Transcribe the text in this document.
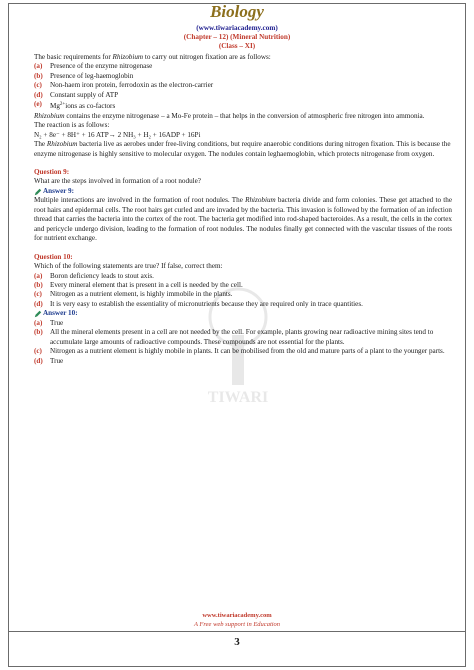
Biology
(www.tiwariacademy.com)
(Chapter – 12) (Mineral Nutrition)
(Class – XI)
TIWARI

The basic requirements for Rhizobium to carry out nitrogen fixation are as follows:

(a)	Presence of the enzyme nitrogenase
(b)	Presence of leg-haemoglobin
(c)	Non-haem iron protein, ferrodoxin as the electron-carrier
(d)	Constant supply of ATP
(e)	$Mg^{2+}ions$ as co-factors

Rhizobium contains the enzyme nitrogenase – a Mo-Fe protein – that helps in the conversion of atmospheric free nitrogen into ammonia.

The reaction is as follows:

N₂ + 8e⁻ + 8H⁺ + 16 ATP→ 2 NH₃ + H₂ + 16ADP + 16Pi

The Rhizobium bacteria live as aerobes under free-living conditions, but require anaerobic conditions during nitrogen fixation. This is because the enzyme nitrogenase is highly sensitive to molecular oxygen. The nodules contain leghaemoglobin, which protects nitrogenase from oxygen.

Question 9:

What are the steps involved in formation of a root nodule?

Answer 9:

Multiple interactions are involved in the formation of root nodules. The Rhizobium bacteria divide and form colonies. These get attached to the root hairs and epidermal cells. The root hairs get curled and are invaded by the bacteria. This invasion is followed by the formation of an infection thread that carries the bacteria into the cortex of the root. The bacteria get modified into rod-shaped bacteroides. As a result, the cells in the cortex and pericycle undergo division, leading to the formation of root nodules. The nodules finally get connected with the vascular tissues of the roots for nutrient exchange.

Question 10:

Which of the following statements are true? If false, correct them:

(a)	Boron deficiency leads to stout axis.
(b)	Every mineral element that is present in a cell is needed by the cell.
(c)	Nitrogen as a nutrient element, is highly immobile in the plants.
(d)	It is very easy to establish the essentiality of micronutrients because they are required only in trace quantities.
Answer 10:
(a)	True
(b)	All the mineral elements present in a cell are not needed by the cell. For example, plants growing near radioactive mining sites tend to accumulate large amounts of radioactive compounds. These compounds are not essential for the plants.
(c)	Nitrogen as a nutrient element is highly mobile in plants. It can be mobilised from the old and mature parts of a plant to the younger parts.
(d)	True
www.tiwariacademy.com
A Free web support in Education
3
